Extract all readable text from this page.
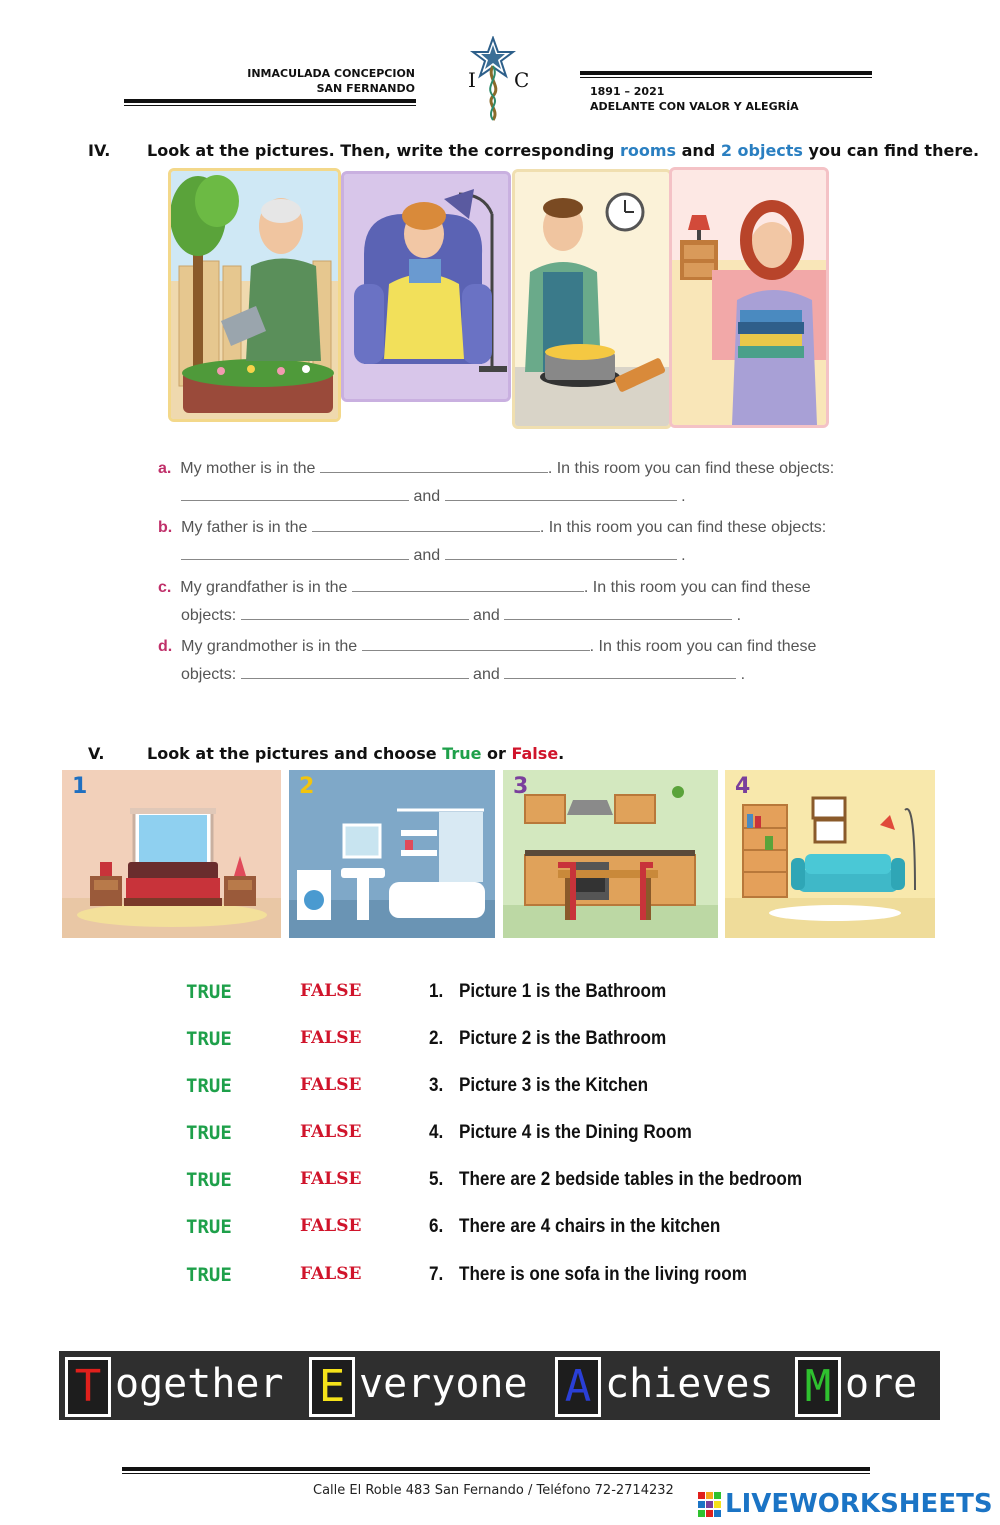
INMACULADA CONCEPCION
SAN FERNANDO	I C	1891 – 2021
ADELANTE CON VALOR Y ALEGRÍA
IV. Look at the pictures. Then, write the corresponding rooms and 2 objects you can find there.
a. My mother is in the	. In this room you can find these objects:
and	.
b. My father is in the	. In this room you can find these objects:
and	.
c. My grandfather is in the	. In this room you can find these
objects:	and	.
d. My grandmother is in the	. In this room you can find these
objects:	and	.
V.	Look at the pictures and choose True or False.
1	2	3	4
TRUE	FALSE	1. Picture 1 is the Bathroom
TRUE	FALSE	2. Picture 2 is the Bathroom
TRUE	FALSE	3. Picture 3 is the Kitchen
TRUE	FALSE	4. Picture 4 is the Dining Room
TRUE	FALSE	5. There are 2 bedside tables in the bedroom
TRUE	FALSE	6. There are 4 chairs in the kitchen
TRUE	FALSE	7. There is one sofa in the living room
T ogether E veryone A chieves M ore
Calle El Roble 483 San Fernando / Teléfono 72-2714232 LIVEWORKSHEETS
